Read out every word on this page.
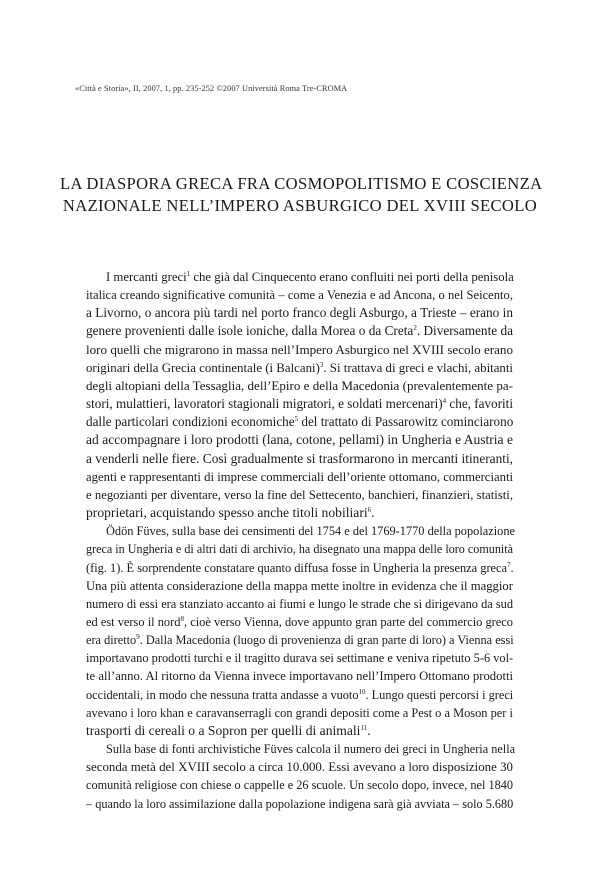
«Città e Storia», II, 2007, 1, pp. 235-252 ©2007 Università Roma Tre-CROMA
LA DIASPORA GRECA FRA COSMOPOLITISMO E COSCIENZA
NAZIONALE NELL’IMPERO ASBURGICO DEL XVIII SECOLO
I mercanti greci$^1$ che già dal Cinquecento erano confluiti nei porti della penisola
italica creando significative comunità – come a Venezia e ad Ancona, o nel Seicento,
a Livorno, o ancora più tardi nel porto franco degli Asburgo, a Trieste – erano in
genere provenienti dalle isole ioniche, dalla Morea o da Creta$^2$. Diversamente da
loro quelli che migrarono in massa nell’Impero Asburgico nel XVIII secolo erano
originari della Grecia continentale (i Balcani)$^3$. Si trattava di greci e vlachi, abitanti
degli altopiani della Tessaglia, dell’Epiro e della Macedonia (prevalentemente pa-
stori, mulattieri, lavoratori stagionali migratori, e soldati mercenari)$^4$ che, favoriti
dalle particolari condizioni economiche$^5$ del trattato di Passarowitz cominciarono
ad accompagnare i loro prodotti (lana, cotone, pellami) in Ungheria e Austria e
a venderli nelle fiere. Così gradualmente si trasformarono in mercanti itineranti,
agenti e rappresentanti di imprese commerciali dell’oriente ottomano, commercianti
e negozianti per diventare, verso la fine del Settecento, banchieri, finanzieri, statisti,
proprietari, acquistando spesso anche titoli nobiliari$^6$.
Ödön Füves, sulla base dei censimenti del 1754 e del 1769-1770 della popolazione
greca in Ungheria e di altri dati di archivio, ha disegnato una mappa delle loro comunità
(fig. 1). È sorprendente constatare quanto diffusa fosse in Ungheria la presenza greca$^7$.
Una più attenta considerazione della mappa mette inoltre in evidenza che il maggior
numero di essi era stanziato accanto ai fiumi e lungo le strade che si dirigevano da sud
ed est verso il nord$^8$, cioè verso Vienna, dove appunto gran parte del commercio greco
era diretto$^9$. Dalla Macedonia (luogo di provenienza di gran parte di loro) a Vienna essi
importavano prodotti turchi e il tragitto durava sei settimane e veniva ripetuto 5-6 vol-
te all’anno. Al ritorno da Vienna invece importavano nell’Impero Ottomano prodotti
occidentali, in modo che nessuna tratta andasse a vuoto$^{10}$. Lungo questi percorsi i greci
avevano i loro khan e caravanserragli con grandi depositi come a Pest o a Moson per i
trasporti di cereali o a Sopron per quelli di animali$^{11}$.
Sulla base di fonti archivistiche Füves calcola il numero dei greci in Ungheria nella
seconda metà del XVIII secolo a circa 10.000. Essi avevano a loro disposizione 30
comunità religiose con chiese o cappelle e 26 scuole. Un secolo dopo, invece, nel 1840
– quando la loro assimilazione dalla popolazione indigena sarà già avviata – solo 5.680
